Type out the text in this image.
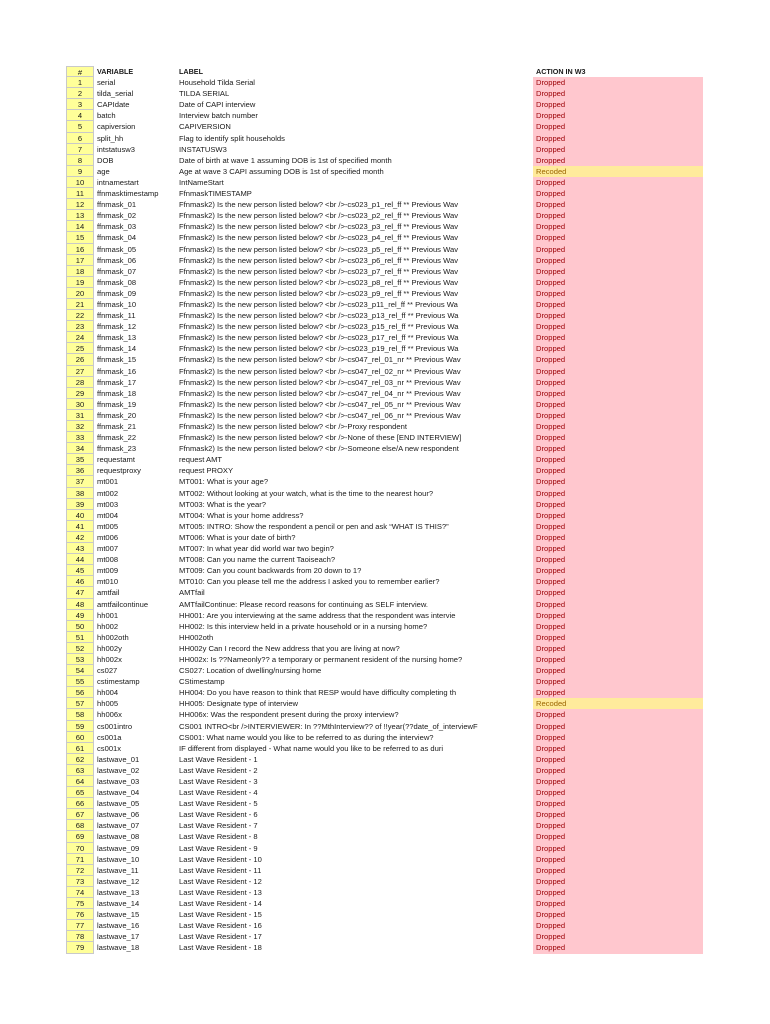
#	VARIABLE	LABEL	ACTION IN W3
1	serial	Household Tilda Serial	Dropped
2	tilda_serial	TILDA SERIAL	Dropped
3	CAPIdate	Date of CAPI interview	Dropped
4	batch	Interview batch number	Dropped
5	capiversion	CAPIVERSION	Dropped
6	split_hh	Flag to identify split households	Dropped
7	intstatusw3	INSTATUSW3	Dropped
8	DOB	Date of birth at wave 1 assuming DOB is 1st of specified month	Dropped
9	age	Age at wave 3 CAPI assuming DOB is 1st of specified month	Recoded
10	intnamestart	IntNameStart	Dropped
11	ffnmasktimestamp	FfnmaskTIMESTAMP	Dropped
12	ffnmask_01	Ffnmask2) Is the new person listed below? <br />-cs023_p1_rel_ff ** Previous Wav	Dropped
13	ffnmask_02	Ffnmask2) Is the new person listed below? <br />-cs023_p2_rel_ff ** Previous Wav	Dropped
14	ffnmask_03	Ffnmask2) Is the new person listed below? <br />-cs023_p3_rel_ff ** Previous Wav	Dropped
15	ffnmask_04	Ffnmask2) Is the new person listed below? <br />-cs023_p4_rel_ff ** Previous Wav	Dropped
16	ffnmask_05	Ffnmask2) Is the new person listed below? <br />-cs023_p5_rel_ff ** Previous Wav	Dropped
17	ffnmask_06	Ffnmask2) Is the new person listed below? <br />-cs023_p6_rel_ff ** Previous Wav	Dropped
18	ffnmask_07	Ffnmask2) Is the new person listed below? <br />-cs023_p7_rel_ff ** Previous Wav	Dropped
19	ffnmask_08	Ffnmask2) Is the new person listed below? <br />-cs023_p8_rel_ff ** Previous Wav	Dropped
20	ffnmask_09	Ffnmask2) Is the new person listed below? <br />-cs023_p9_rel_ff ** Previous Wav	Dropped
21	ffnmask_10	Ffnmask2) Is the new person listed below? <br />-cs023_p11_rel_ff ** Previous Wa	Dropped
22	ffnmask_11	Ffnmask2) Is the new person listed below? <br />-cs023_p13_rel_ff ** Previous Wa	Dropped
23	ffnmask_12	Ffnmask2) Is the new person listed below? <br />-cs023_p15_rel_ff ** Previous Wa	Dropped
24	ffnmask_13	Ffnmask2) Is the new person listed below? <br />-cs023_p17_rel_ff ** Previous Wa	Dropped
25	ffnmask_14	Ffnmask2) Is the new person listed below? <br />-cs023_p19_rel_ff ** Previous Wa	Dropped
26	ffnmask_15	Ffnmask2) Is the new person listed below? <br />-cs047_rel_01_nr ** Previous Wav	Dropped
27	ffnmask_16	Ffnmask2) Is the new person listed below? <br />-cs047_rel_02_nr ** Previous Wav	Dropped
28	ffnmask_17	Ffnmask2) Is the new person listed below? <br />-cs047_rel_03_nr ** Previous Wav	Dropped
29	ffnmask_18	Ffnmask2) Is the new person listed below? <br />-cs047_rel_04_nr ** Previous Wav	Dropped
30	ffnmask_19	Ffnmask2) Is the new person listed below? <br />-cs047_rel_05_nr ** Previous Wav	Dropped
31	ffnmask_20	Ffnmask2) Is the new person listed below? <br />-cs047_rel_06_nr ** Previous Wav	Dropped
32	ffnmask_21	Ffnmask2) Is the new person listed below? <br />-Proxy respondent	Dropped
33	ffnmask_22	Ffnmask2) Is the new person listed below? <br />-None of these [END INTERVIEW]	Dropped
34	ffnmask_23	Ffnmask2) Is the new person listed below? <br />-Someone else/A new respondent	Dropped
35	requestamt	request AMT	Dropped
36	requestproxy	request PROXY	Dropped
37	mt001	MT001: What is your age?	Dropped
38	mt002	MT002: Without looking at your watch, what is the time to the nearest hour?	Dropped
39	mt003	MT003: What is the year?	Dropped
40	mt004	MT004: What is your home address?	Dropped
41	mt005	MT005: INTRO: Show the respondent a pencil or pen and ask “WHAT IS THIS?”	Dropped
42	mt006	MT006: What is your date of birth?	Dropped
43	mt007	MT007: In what year did world war two begin?	Dropped
44	mt008	MT008: Can you name the current Taoiseach?	Dropped
45	mt009	MT009: Can you count backwards from 20 down to 1?	Dropped
46	mt010	MT010: Can you please tell me the address I asked you to remember earlier?	Dropped
47	amtfail	AMTfail	Dropped
48	amtfailcontinue	AMTfailContinue: Please record reasons for continuing as SELF interview.	Dropped
49	hh001	HH001: Are you interviewing at the same address that the respondent was intervie	Dropped
50	hh002	HH002: Is this interview held in a private household or in a nursing home?	Dropped
51	hh002oth	HH002oth	Dropped
52	hh002y	HH002y Can I record the New address that you are living at now?	Dropped
53	hh002x	HH002x: Is ??Nameonly?? a temporary or permanent resident of the nursing home?	Dropped
54	cs027	CS027: Location of dwelling/nursing home	Dropped
55	cstimestamp	CStimestamp	Dropped
56	hh004	HH004: Do you have reason to think that RESP would have difficulty completing th	Dropped
57	hh005	HH005: Designate type of interview	Recoded
58	hh006x	HH006x: Was the respondent present during the proxy interview?	Dropped
59	cs001intro	CS001 INTRO<br />INTERVIEWER: In ??MthInterview?? of !!year(??date_of_interviewF	Dropped
60	cs001a	CS001: What name would you like to be referred to as during the interview?	Dropped
61	cs001x	IF different from displayed - What name would you like to be referred to as duri	Dropped
62	lastwave_01	Last Wave Resident - 1	Dropped
63	lastwave_02	Last Wave Resident - 2	Dropped
64	lastwave_03	Last Wave Resident - 3	Dropped
65	lastwave_04	Last Wave Resident - 4	Dropped
66	lastwave_05	Last Wave Resident - 5	Dropped
67	lastwave_06	Last Wave Resident - 6	Dropped
68	lastwave_07	Last Wave Resident - 7	Dropped
69	lastwave_08	Last Wave Resident - 8	Dropped
70	lastwave_09	Last Wave Resident - 9	Dropped
71	lastwave_10	Last Wave Resident - 10	Dropped
72	lastwave_11	Last Wave Resident - 11	Dropped
73	lastwave_12	Last Wave Resident - 12	Dropped
74	lastwave_13	Last Wave Resident - 13	Dropped
75	lastwave_14	Last Wave Resident - 14	Dropped
76	lastwave_15	Last Wave Resident - 15	Dropped
77	lastwave_16	Last Wave Resident - 16	Dropped
78	lastwave_17	Last Wave Resident - 17	Dropped
79	lastwave_18	Last Wave Resident - 18	Dropped
